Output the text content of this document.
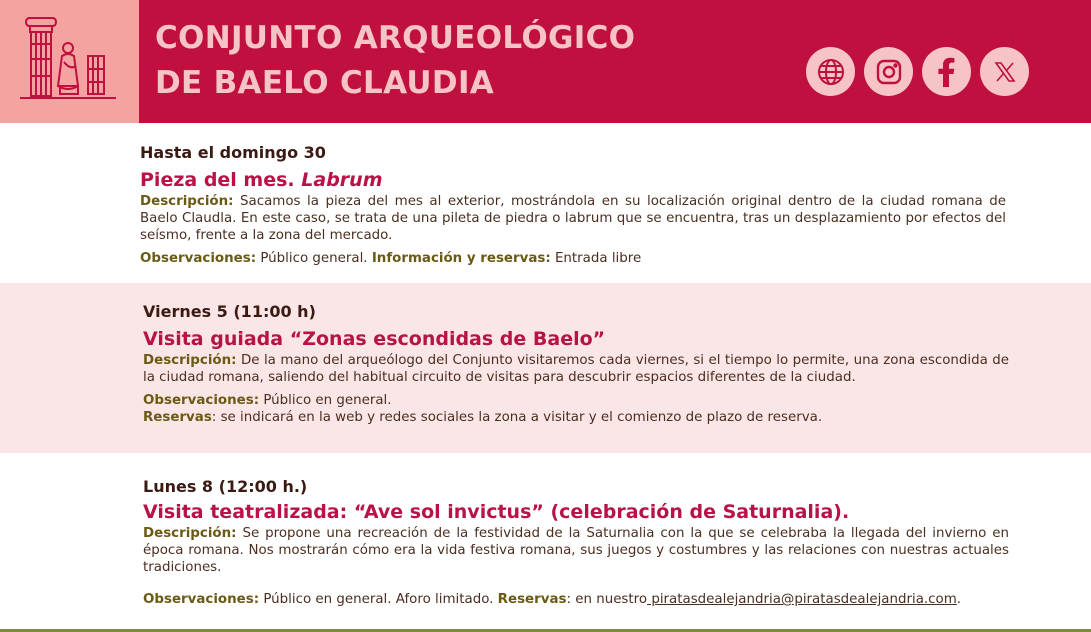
CONJUNTO ARQUEOLÓGICO
DE BAELO CLAUDIA
Hasta el domingo 30
Pieza del mes. Labrum
Descripción: Sacamos la pieza del mes al exterior, mostrándola en su localización original dentro de la ciudad romana de Baelo Claudla. En este caso, se trata de una pileta de piedra o labrum que se encuentra, tras un desplazamiento por efectos del seísmo, frente a la zona del mercado.
Observaciones: Público general. Información y reservas: Entrada libre
Viernes 5 (11:00 h)
Visita guiada “Zonas escondidas de Baelo”
Descripción: De la mano del arqueólogo del Conjunto visitaremos cada viernes, si el tiempo lo permite, una zona escondida de la ciudad romana, saliendo del habitual circuito de visitas para descubrir espacios diferentes de la ciudad.
Observaciones: Público en general.
Reservas: se indicará en la web y redes sociales la zona a visitar y el comienzo de plazo de reserva.
Lunes 8 (12:00 h.)
Visita teatralizada: “Ave sol invictus” (celebración de Saturnalia).
Descripción: Se propone una recreación de la festividad de la Saturnalia con la que se celebraba la llegada del invierno en época romana. Nos mostrarán cómo era la vida festiva romana, sus juegos y costumbres y las relaciones con nuestras actuales tradiciones.
Observaciones: Público en general. Aforo limitado. Reservas: en nuestro piratasdealejandria@piratasdealejandria.com.
